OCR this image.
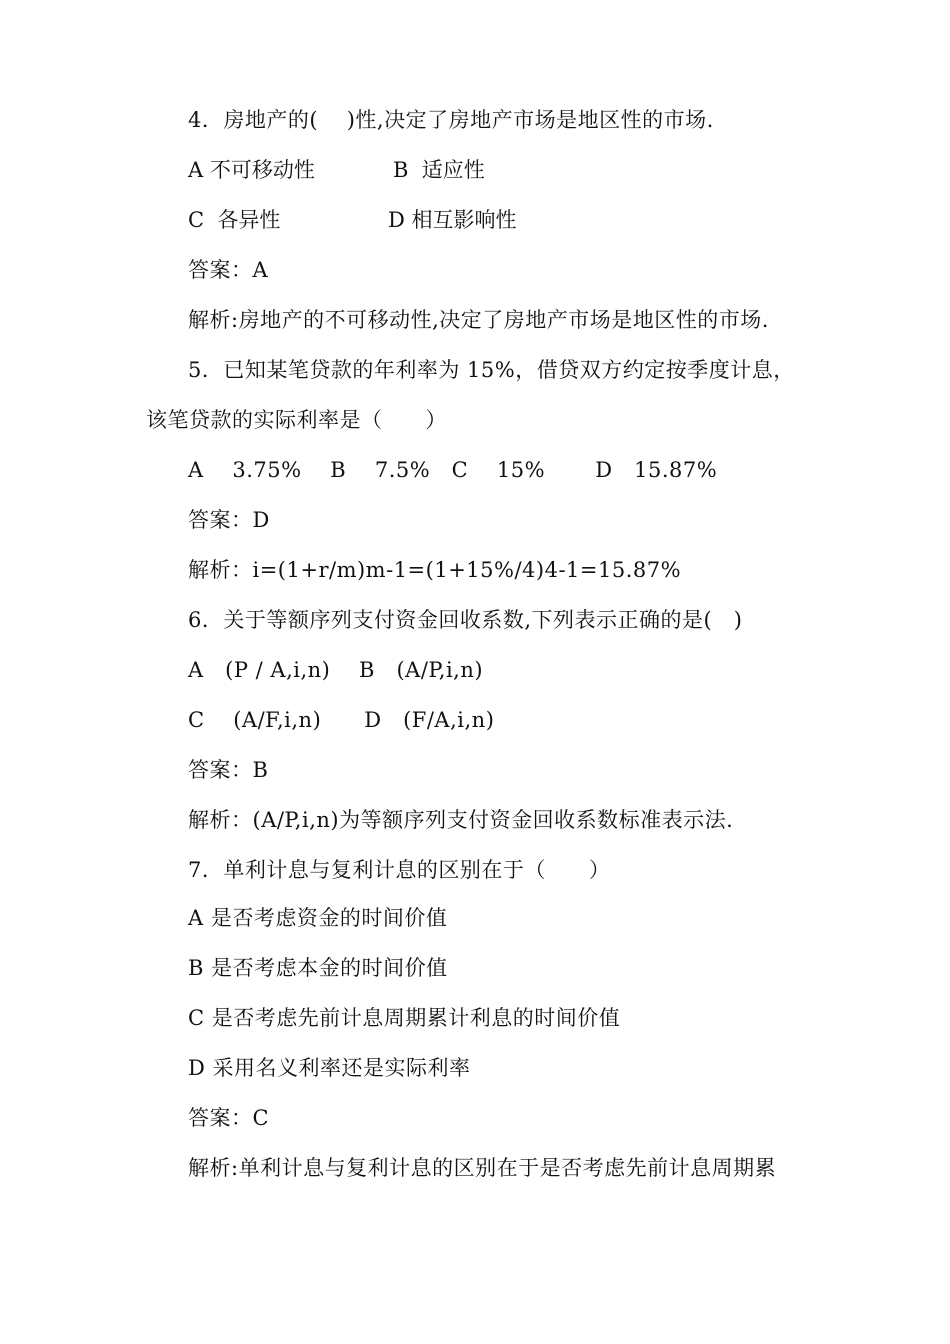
4．房地产的(　 )性,决定了房地产市场是地区性的市场.
A 不可移动性	B  适应性
C  各异性	D 相互影响性
答案：A
解析:房地产的不可移动性,决定了房地产市场是地区性的市场.
5．已知某笔贷款的年利率为 15%，借贷双方约定按季度计息，
该笔贷款的实际利率是（　　）
A　 3.75%　 B　 7.5%　C　 15%　　 D　15.87%
答案：D
解析：i=(1+r/m)m-1=(1+15%/4)4-1=15.87%
6．关于等额序列支付资金回收系数,下列表示正确的是(　)
A　(P / A,i,n)　 B　(A/P,i,n)
C　 (A/F,i,n)　　D　(F/A,i,n)
答案：B
解析：(A/P,i,n)为等额序列支付资金回收系数标准表示法.
7．单利计息与复利计息的区别在于（　　）
A 是否考虑资金的时间价值
B 是否考虑本金的时间价值
C 是否考虑先前计息周期累计利息的时间价值
D 采用名义利率还是实际利率
答案：C
解析:单利计息与复利计息的区别在于是否考虑先前计息周期累
